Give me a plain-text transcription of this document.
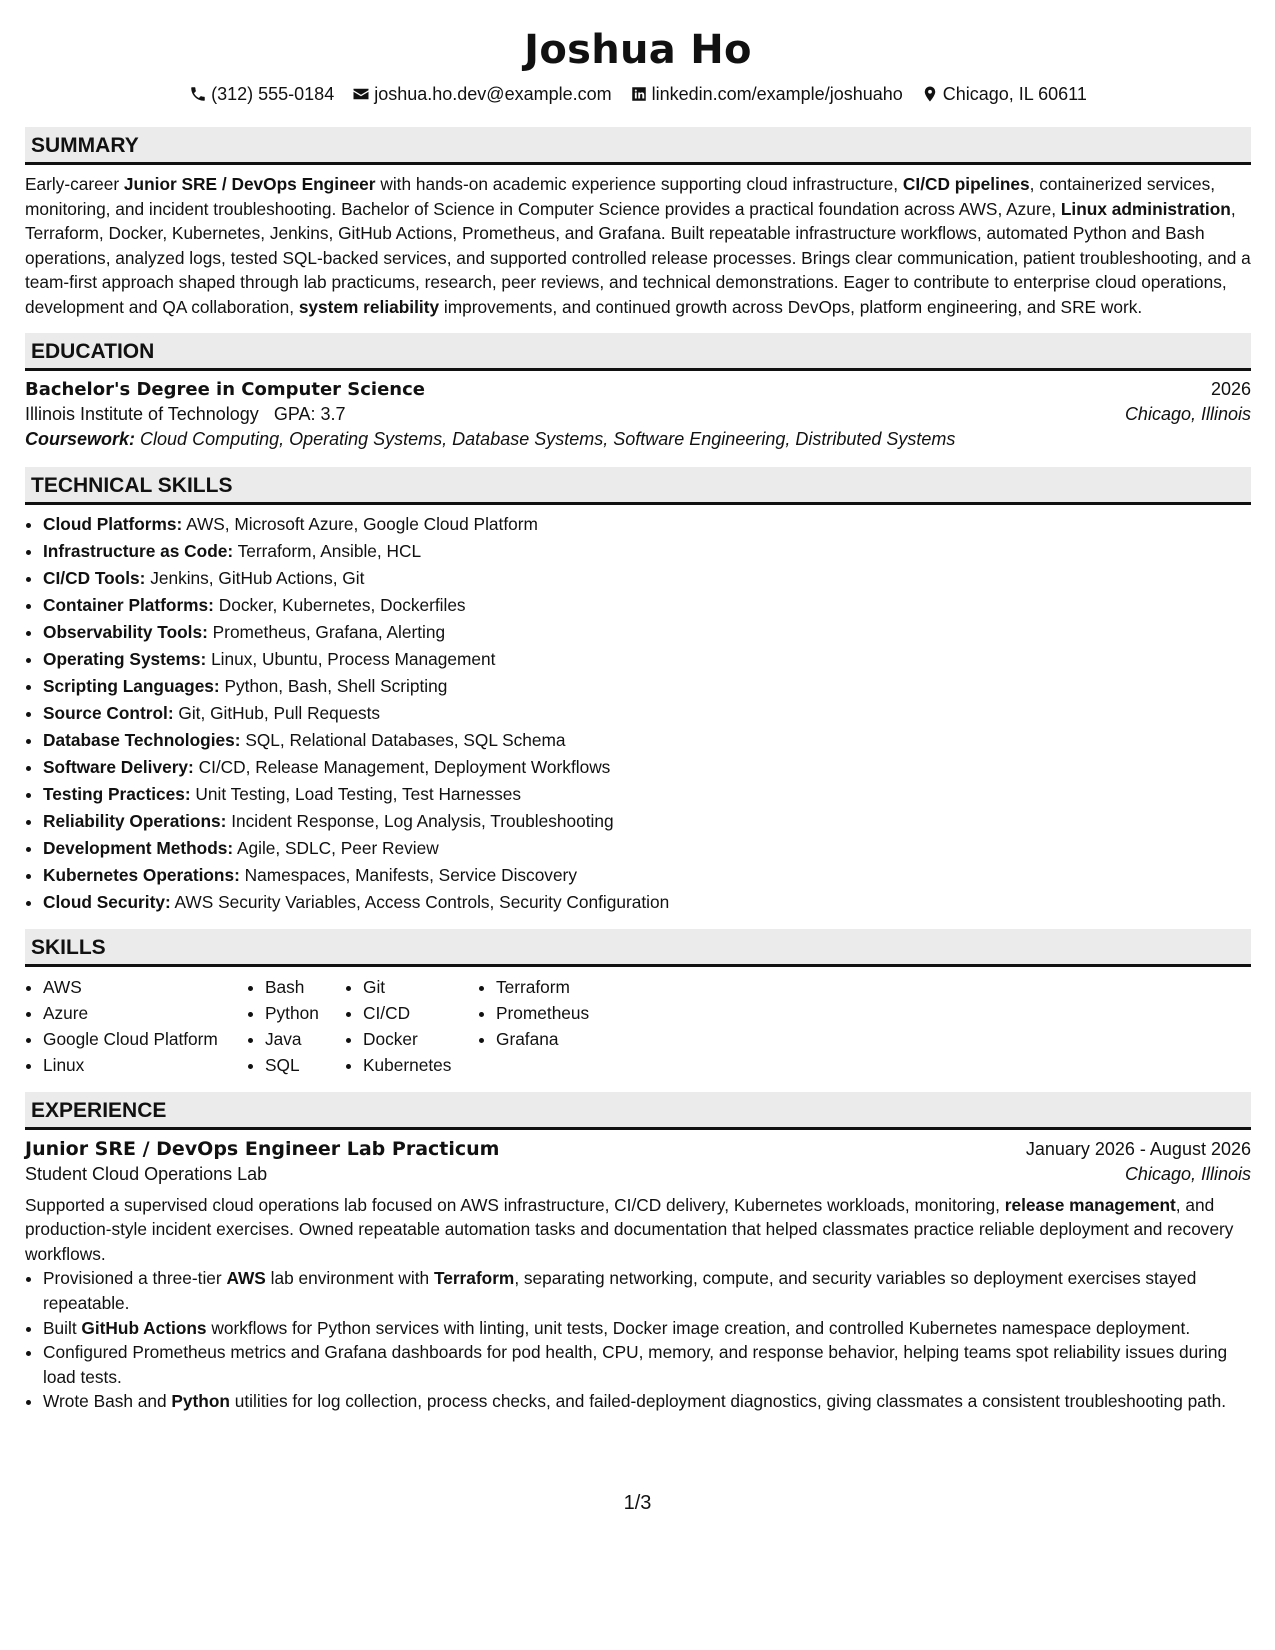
Joshua Ho
(312) 555-0184 joshua.ho.dev@example.com linkedin.com/example/joshuaho Chicago, IL 60611
SUMMARY
Early-career Junior SRE / DevOps Engineer with hands-on academic experience supporting cloud infrastructure, CI/CD pipelines, containerized services, monitoring, and incident troubleshooting. Bachelor of Science in Computer Science provides a practical foundation across AWS, Azure, Linux administration, Terraform, Docker, Kubernetes, Jenkins, GitHub Actions, Prometheus, and Grafana. Built repeatable infrastructure workflows, automated Python and Bash operations, analyzed logs, tested SQL-backed services, and supported controlled release processes. Brings clear communication, patient troubleshooting, and a team-first approach shaped through lab practicums, research, peer reviews, and technical demonstrations. Eager to contribute to enterprise cloud operations, development and QA collaboration, system reliability improvements, and continued growth across DevOps, platform engineering, and SRE work.
EDUCATION
Bachelor's Degree in Computer Science	2026
Illinois Institute of Technology GPA: 3.7	Chicago, Illinois
Coursework: Cloud Computing, Operating Systems, Database Systems, Software Engineering, Distributed Systems
TECHNICAL SKILLS
• Cloud Platforms: AWS, Microsoft Azure, Google Cloud Platform
• Infrastructure as Code: Terraform, Ansible, HCL
• CI/CD Tools: Jenkins, GitHub Actions, Git
• Container Platforms: Docker, Kubernetes, Dockerfiles
• Observability Tools: Prometheus, Grafana, Alerting
• Operating Systems: Linux, Ubuntu, Process Management
• Scripting Languages: Python, Bash, Shell Scripting
• Source Control: Git, GitHub, Pull Requests
• Database Technologies: SQL, Relational Databases, SQL Schema
• Software Delivery: CI/CD, Release Management, Deployment Workflows
• Testing Practices: Unit Testing, Load Testing, Test Harnesses
• Reliability Operations: Incident Response, Log Analysis, Troubleshooting
• Development Methods: Agile, SDLC, Peer Review
• Kubernetes Operations: Namespaces, Manifests, Service Discovery
• Cloud Security: AWS Security Variables, Access Controls, Security Configuration
SKILLS
• AWS
• Azure
• Google Cloud Platform
• Linux
• Bash
• Python
• Java
• SQL
• Git
• CI/CD
• Docker
• Kubernetes
• Terraform
• Prometheus
• Grafana
EXPERIENCE
Junior SRE / DevOps Engineer Lab Practicum	January 2026 - August 2026
Student Cloud Operations Lab	Chicago, Illinois
Supported a supervised cloud operations lab focused on AWS infrastructure, CI/CD delivery, Kubernetes workloads, monitoring, release management, and production-style incident exercises. Owned repeatable automation tasks and documentation that helped classmates practice reliable deployment and recovery workflows.
• Provisioned a three-tier AWS lab environment with Terraform, separating networking, compute, and security variables so deployment exercises stayed repeatable.
• Built GitHub Actions workflows for Python services with linting, unit tests, Docker image creation, and controlled Kubernetes namespace deployment.
• Configured Prometheus metrics and Grafana dashboards for pod health, CPU, memory, and response behavior, helping teams spot reliability issues during load tests.
• Wrote Bash and Python utilities for log collection, process checks, and failed-deployment diagnostics, giving classmates a consistent troubleshooting path.
1/3
